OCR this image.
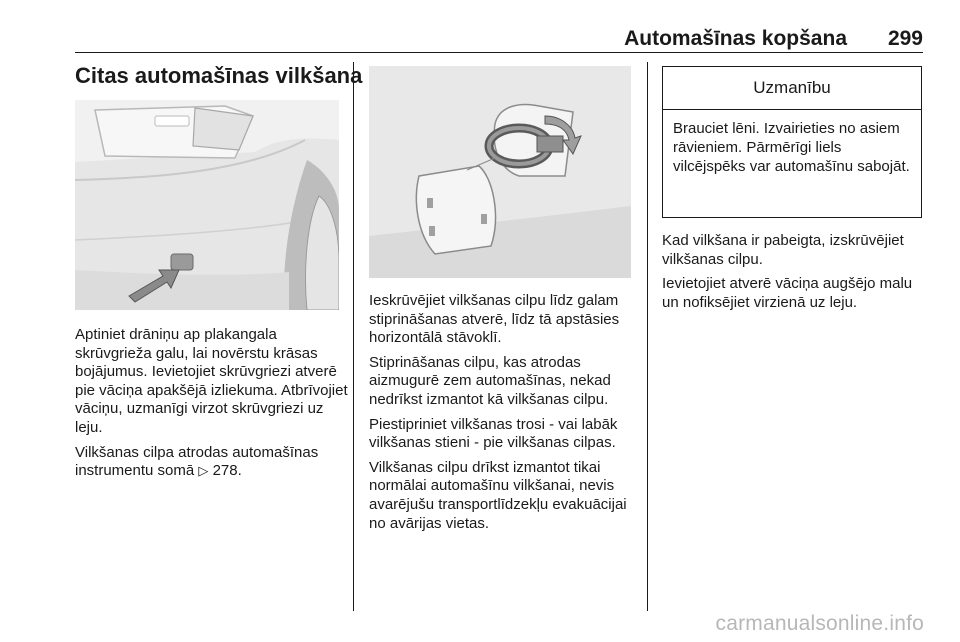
Automašīnas kopšana 299
Citas automašīnas vilkšana

Aptiniet drāniņu ap plakangala skrūvgrieža galu, lai novērstu krāsas bojājumus. Ievietojiet skrūvgriezi atverē pie vāciņa apakšējā izliekuma. Atbrīvojiet vāciņu, uzmanīgi virzot skrūvgriezi uz leju.

Vilkšanas cilpa atrodas automašīnas instrumentu somā ▷ 278.

Ieskrūvējiet vilkšanas cilpu līdz galam stiprināšanas atverē, līdz tā apstāsies horizontālā stāvoklī.

Stiprināšanas cilpu, kas atrodas aizmugurē zem automašīnas, nekad nedrīkst izmantot kā vilkšanas cilpu.

Piestipriniet vilkšanas trosi - vai labāk vilkšanas stieni - pie vilkšanas cilpas.

Vilkšanas cilpu drīkst izmantot tikai normālai automašīnu vilkšanai, nevis avarējušu transportlīdzekļu evakuācijai no avārijas vietas.

Uzmanību
Brauciet lēni. Izvairieties no asiem rāvieniem. Pārmērīgi liels vilcējspēks var automašīnu sabojāt.

Kad vilkšana ir pabeigta, izskrūvējiet vilkšanas cilpu.

Ievietojiet atverē vāciņa augšējo malu un nofiksējiet virzienā uz leju.

carmanualsonline.info
